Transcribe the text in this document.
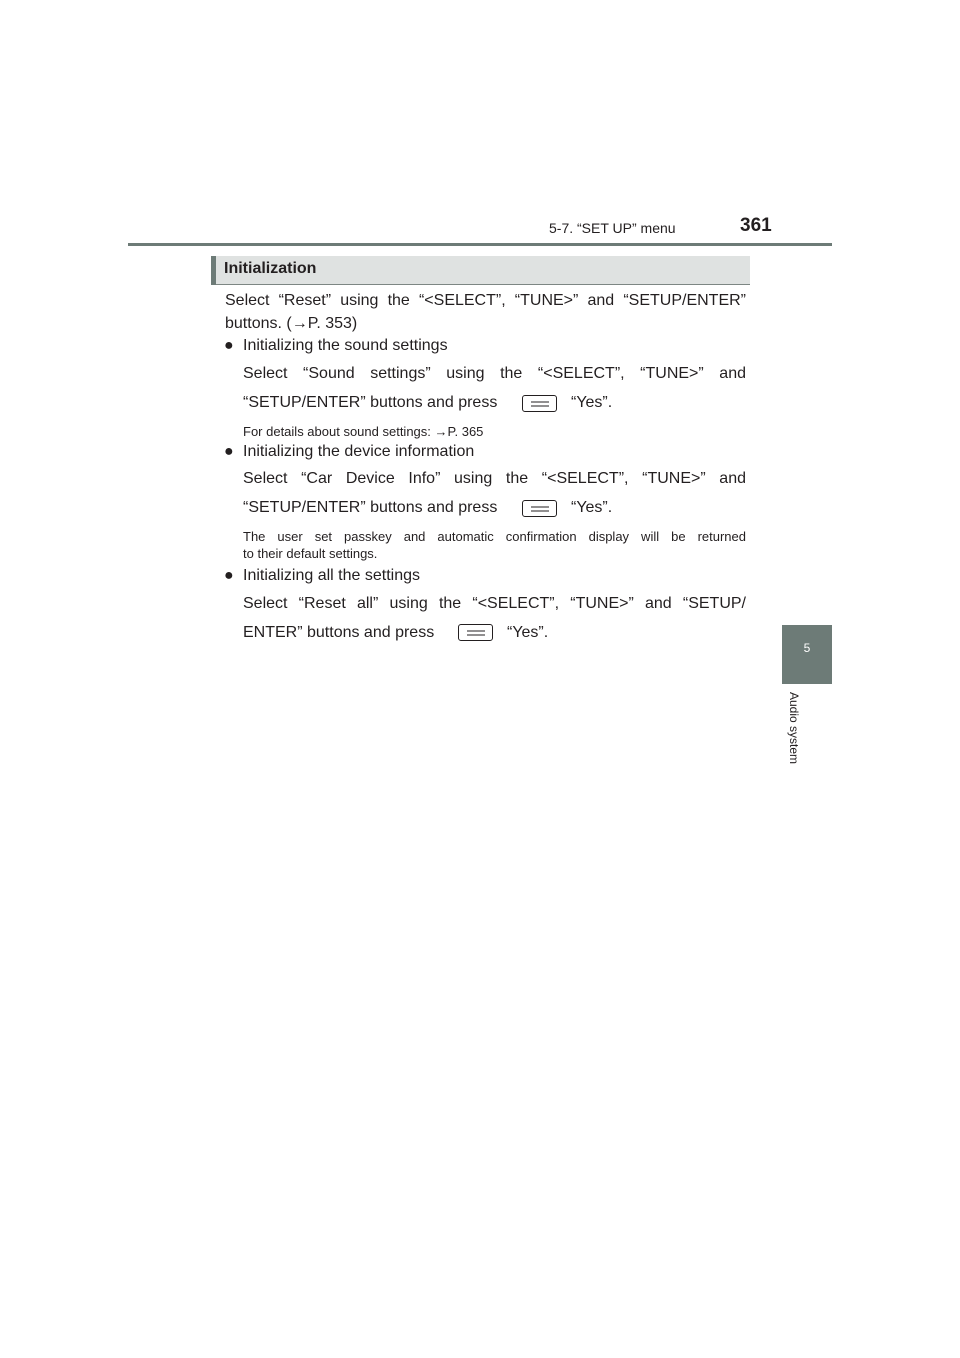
5-7. “SET UP” menu	361
5
Audio system
Initialization
Select “Reset” using the “<SELECT”, “TUNE>” and “SETUP/ENTER”
buttons. (→P. 353)
● Initializing the sound settings
Select “Sound settings” using the “<SELECT”, “TUNE>” and
“SETUP/ENTER” buttons and press	“Yes”.
For details about sound settings: →P. 365
● Initializing the device information
Select “Car Device Info” using the “<SELECT”, “TUNE>” and
“SETUP/ENTER” buttons and press	“Yes”.
The user set passkey and automatic confirmation display will be returned
to their default settings.
● Initializing all the settings
Select “Reset all” using the “<SELECT”, “TUNE>” and “SETUP/
ENTER” buttons and press	“Yes”.
